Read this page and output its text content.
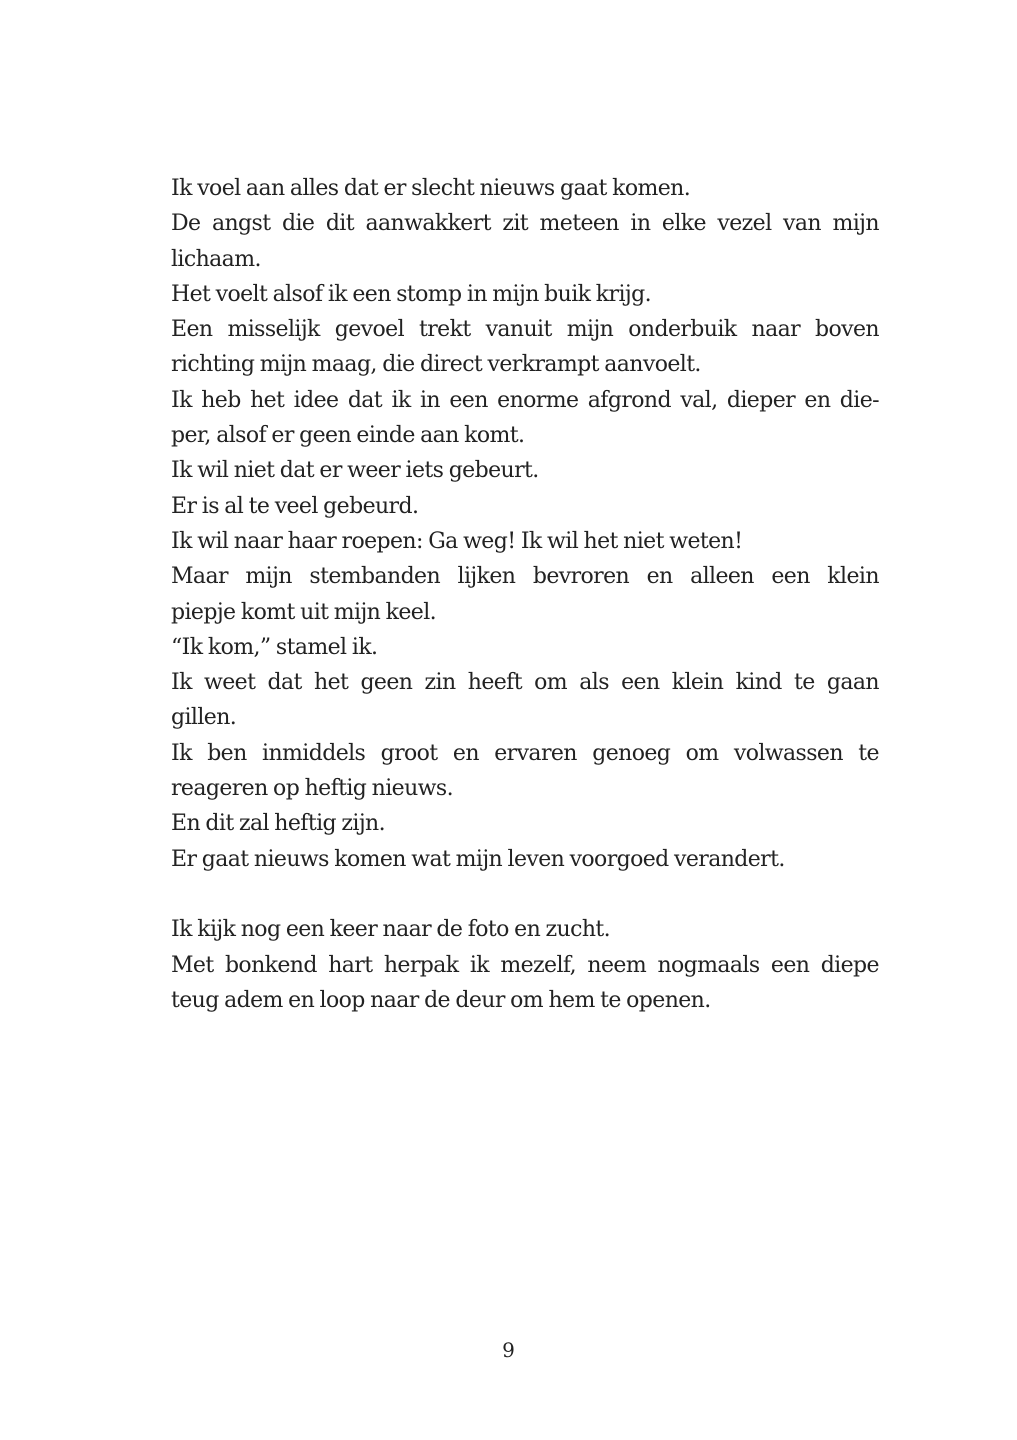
Ik voel aan alles dat er slecht nieuws gaat komen.
De angst die dit aanwakkert zit meteen in elke vezel van mijn
lichaam.
Het voelt alsof ik een stomp in mijn buik krijg.
Een misselijk gevoel trekt vanuit mijn onderbuik naar boven
richting mijn maag, die direct verkrampt aanvoelt.
Ik heb het idee dat ik in een enorme afgrond val, dieper en die-
per, alsof er geen einde aan komt.
Ik wil niet dat er weer iets gebeurt.
Er is al te veel gebeurd.
Ik wil naar haar roepen: Ga weg! Ik wil het niet weten!
Maar mijn stembanden lijken bevroren en alleen een klein
piepje komt uit mijn keel.
“Ik kom,” stamel ik.
Ik weet dat het geen zin heeft om als een klein kind te gaan
gillen.
Ik ben inmiddels groot en ervaren genoeg om volwassen te
reageren op heftig nieuws.
En dit zal heftig zijn.
Er gaat nieuws komen wat mijn leven voorgoed verandert.
Ik kijk nog een keer naar de foto en zucht.
Met bonkend hart herpak ik mezelf, neem nogmaals een diepe
teug adem en loop naar de deur om hem te openen.
9
